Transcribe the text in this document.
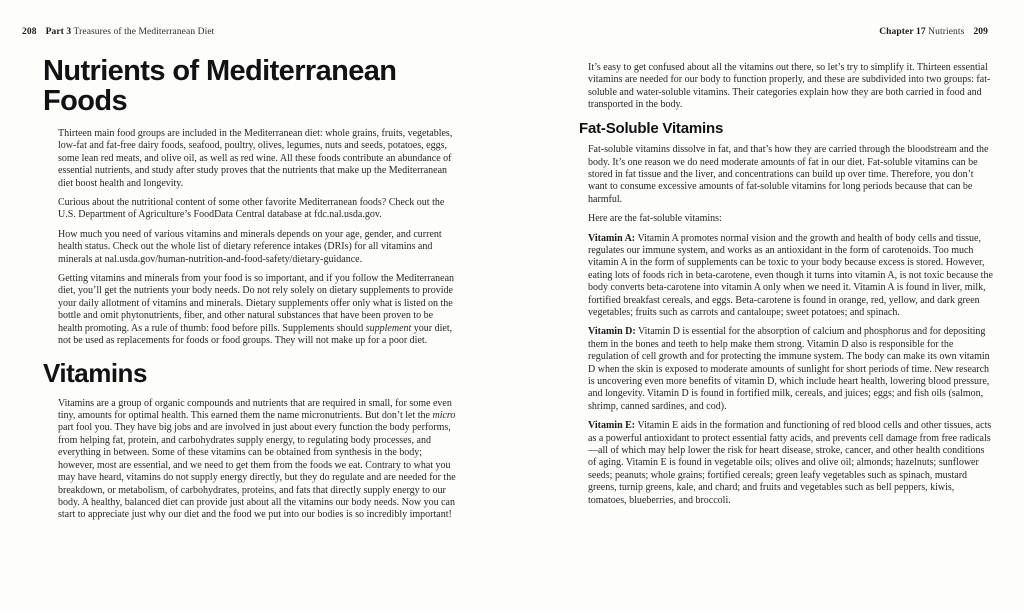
208 Part 3 Treasures of the Mediterranean Diet
Nutrients of Mediterranean Foods

Thirteen main food groups are included in the Mediterranean diet: whole grains, fruits, vegetables, low-fat and fat-free dairy foods, seafood, poultry, olives, legumes, nuts and seeds, potatoes, eggs, some lean red meats, and olive oil, as well as red wine. All these foods contribute an abundance of essential nutrients, and study after study proves that the nutrients that make up the Mediterranean diet boost health and longevity.

Curious about the nutritional content of some other favorite Mediterranean foods? Check out the U.S. Department of Agriculture’s FoodData Central database at fdc.nal.usda.gov.

How much you need of various vitamins and minerals depends on your age, gender, and current health status. Check out the whole list of dietary reference intakes (DRIs) for all vitamins and minerals at nal.usda.gov/human-nutrition-and-food-safety/dietary-guidance.

Getting vitamins and minerals from your food is so important, and if you follow the Mediterranean diet, you’ll get the nutrients your body needs. Do not rely solely on dietary supplements to provide your daily allotment of vitamins and minerals. Dietary supplements offer only what is listed on the bottle and omit phytonutrients, fiber, and other natural substances that have been proven to be health promoting. As a rule of thumb: food before pills. Supplements should supplement your diet, not be used as replacements for foods or food groups. They will not make up for a poor diet.

Vitamins

Vitamins are a group of organic compounds and nutrients that are required in small, for some even tiny, amounts for optimal health. This earned them the name micronutrients. But don’t let the micro part fool you. They have big jobs and are involved in just about every function the body performs, from helping fat, protein, and carbohydrates supply energy, to regulating body processes, and everything in between. Some of these vitamins can be obtained from synthesis in the body; however, most are essential, and we need to get them from the foods we eat. Contrary to what you may have heard, vitamins do not supply energy directly, but they do regulate and are needed for the breakdown, or metabolism, of carbohydrates, proteins, and fats that directly supply energy to our body. A healthy, balanced diet can provide just about all the vitamins our body needs. Now you can start to appreciate just why our diet and the food we put into our bodies is so incredibly important!

Chapter 17 Nutrients 209

It’s easy to get confused about all the vitamins out there, so let’s try to simplify it. Thirteen essential vitamins are needed for our body to function properly, and these are subdivided into two groups: fat-soluble and water-soluble vitamins. Their categories explain how they are both carried in food and transported in the body.

Fat-Soluble Vitamins

Fat-soluble vitamins dissolve in fat, and that’s how they are carried through the bloodstream and the body. It’s one reason we do need moderate amounts of fat in our diet. Fat-soluble vitamins can be stored in fat tissue and the liver, and concentrations can build up over time. Therefore, you don’t want to consume excessive amounts of fat-soluble vitamins for long periods because that can be harmful.

Here are the fat-soluble vitamins:

Vitamin A: Vitamin A promotes normal vision and the growth and health of body cells and tissue, regulates our immune system, and works as an antioxidant in the form of carotenoids. Too much vitamin A in the form of supplements can be toxic to your body because excess is stored. However, eating lots of foods rich in beta-carotene, even though it turns into vitamin A, is not toxic because the body converts beta-carotene into vitamin A only when we need it. Vitamin A is found in liver, milk, fortified breakfast cereals, and eggs. Beta-carotene is found in orange, red, yellow, and dark green vegetables; fruits such as carrots and cantaloupe; sweet potatoes; and spinach.

Vitamin D: Vitamin D is essential for the absorption of calcium and phosphorus and for depositing them in the bones and teeth to help make them strong. Vitamin D also is responsible for the regulation of cell growth and for protecting the immune system. The body can make its own vitamin D when the skin is exposed to moderate amounts of sunlight for short periods of time. New research is uncovering even more benefits of vitamin D, which include heart health, lowering blood pressure, and longevity. Vitamin D is found in fortified milk, cereals, and juices; eggs; and fish oils (salmon, shrimp, canned sardines, and cod).

Vitamin E: Vitamin E aids in the formation and functioning of red blood cells and other tissues, acts as a powerful antioxidant to protect essential fatty acids, and prevents cell damage from free radicals—all of which may help lower the risk for heart disease, stroke, cancer, and other health conditions of aging. Vitamin E is found in vegetable oils; olives and olive oil; almonds; hazelnuts; sunflower seeds; peanuts; whole grains; fortified cereals; green leafy vegetables such as spinach, mustard greens, turnip greens, kale, and chard; and fruits and vegetables such as bell peppers, kiwis, tomatoes, blueberries, and broccoli.
